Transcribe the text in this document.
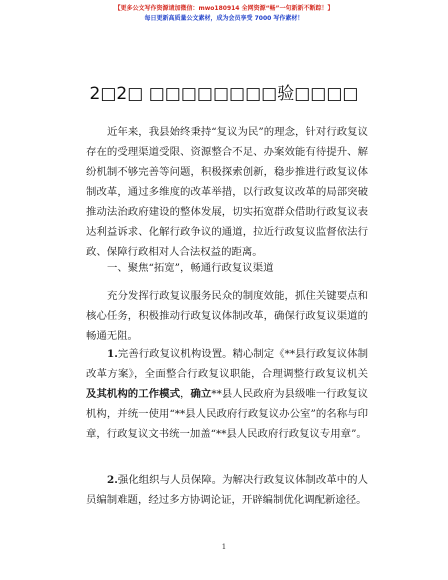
【更多公文写作资源请加微信：mwo180914 全网资源“畅”一句新新不断踪！】
每日更新高质量公文素材，成为会员享受 7000 写作素材！
2□2□ □□□□□□□□验□□□□

近年来，我县始终秉持“复议为民”的理念，针对行政复议存在的受理渠道受限、资源整合不足、办案效能有待提升、解纷机制不够完善等问题，积极探索创新，稳步推进行政复议体制改革，通过多维度的改革举措，以行政复议改革的局部突破推动法治政府建设的整体发展，切实拓宽群众借助行政复议表达利益诉求、化解行政争议的通道，拉近行政复议监督依法行政、保障行政相对人合法权益的距离。

一、聚焦“拓宽”，畅通行政复议渠道

充分发挥行政复议服务民众的制度效能，抓住关键要点和核心任务，积极推动行政复议体制改革，确保行政复议渠道的畅通无阻。

1.完善行政复议机构设置。精心制定《**县行政复议体制改革方案》，全面整合行政复议职能，合理调整行政复议机关及其机构的工作模式，确立**县人民政府为县级唯一行政复议机构，并统一使用“**县人民政府行政复议办公室”的名称与印章，行政复议文书统一加盖“**县人民政府行政复议专用章”。

2.强化组织与人员保障。为解决行政复议体制改革中的人员编制难题，经过多方协调论证，开辟编制优化调配新途径。

1
